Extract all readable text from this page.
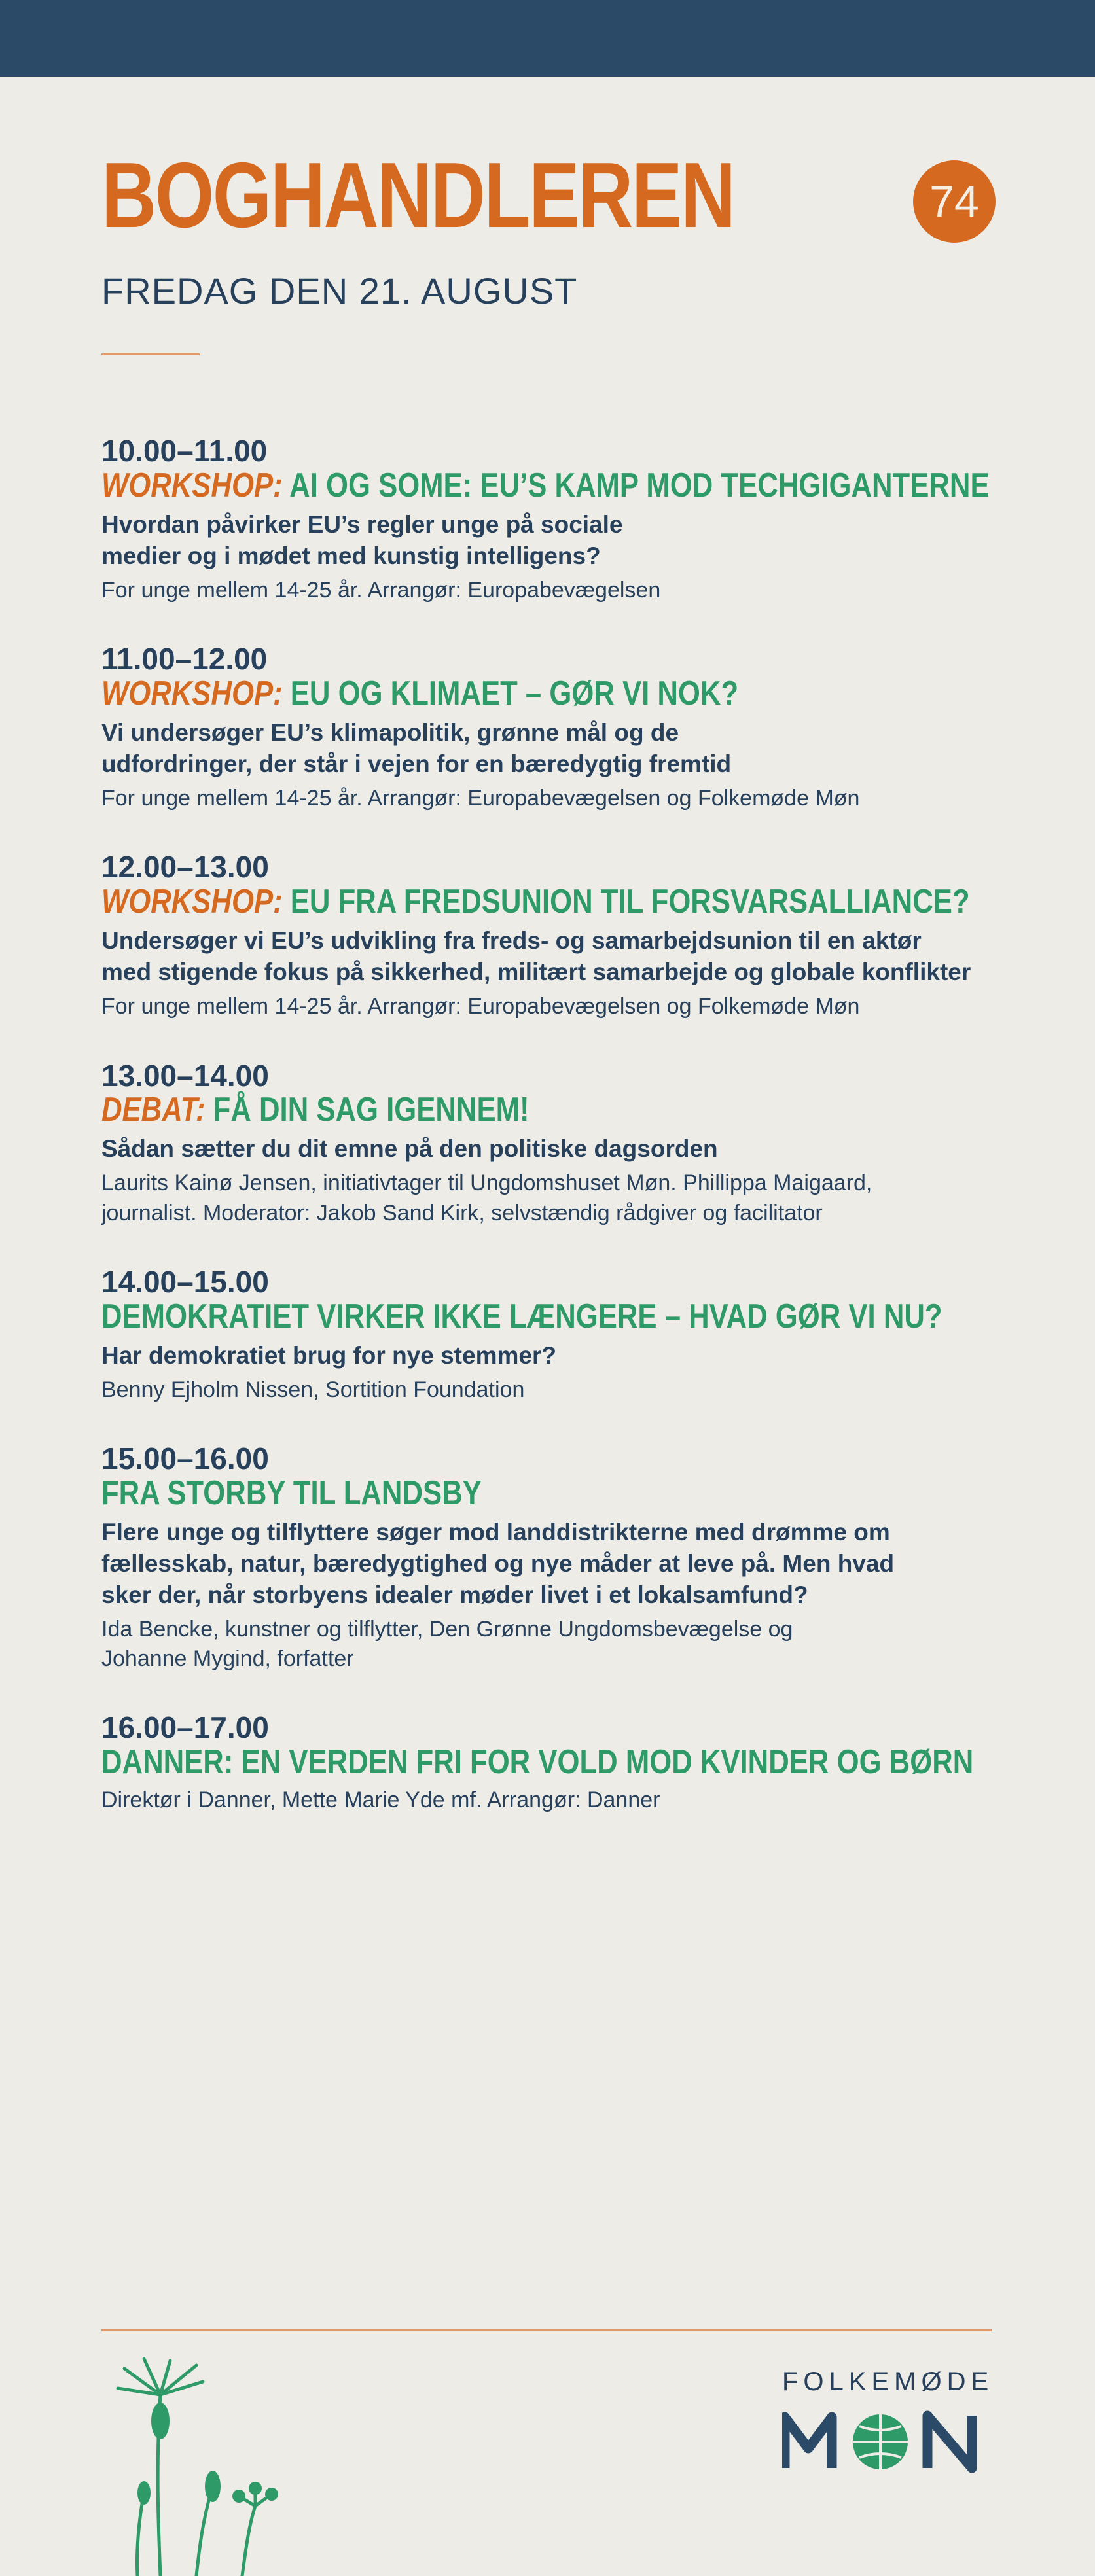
BOGHANDLEREN	74
FREDAG DEN 21. AUGUST
10.00–11.00
WORKSHOP: AI OG SOME: EU’S KAMP MOD TECHGIGANTERNE
Hvordan påvirker EU’s regler unge på sociale
medier og i mødet med kunstig intelligens?
For unge mellem 14-25 år. Arrangør: Europabevægelsen
11.00–12.00
WORKSHOP: EU OG KLIMAET – GØR VI NOK?
Vi undersøger EU’s klimapolitik, grønne mål og de
udfordringer, der står i vejen for en bæredygtig fremtid
For unge mellem 14-25 år. Arrangør: Europabevægelsen og Folkemøde Møn
12.00–13.00
WORKSHOP: EU FRA FREDSUNION TIL FORSVARSALLIANCE?
Undersøger vi EU’s udvikling fra freds- og samarbejdsunion til en aktør
med stigende fokus på sikkerhed, militært samarbejde og globale konflikter
For unge mellem 14-25 år. Arrangør: Europabevægelsen og Folkemøde Møn
13.00–14.00
DEBAT: FÅ DIN SAG IGENNEM!
Sådan sætter du dit emne på den politiske dagsorden
Laurits Kainø Jensen, initiativtager til Ungdomshuset Møn. Phillippa Maigaard,
journalist. Moderator: Jakob Sand Kirk, selvstændig rådgiver og facilitator
14.00–15.00
DEMOKRATIET VIRKER IKKE LÆNGERE – HVAD GØR VI NU?
Har demokratiet brug for nye stemmer?
Benny Ejholm Nissen, Sortition Foundation
15.00–16.00
FRA STORBY TIL LANDSBY
Flere unge og tilflyttere søger mod landdistrikterne med drømme om
fællesskab, natur, bæredygtighed og nye måder at leve på. Men hvad
sker der, når storbyens idealer møder livet i et lokalsamfund?
Ida Bencke, kunstner og tilflytter, Den Grønne Ungdomsbevægelse og
Johanne Mygind, forfatter
16.00–17.00
DANNER: EN VERDEN FRI FOR VOLD MOD KVINDER OG BØRN
Direktør i Danner, Mette Marie Yde mf. Arrangør: Danner
FOLKEMØDE
